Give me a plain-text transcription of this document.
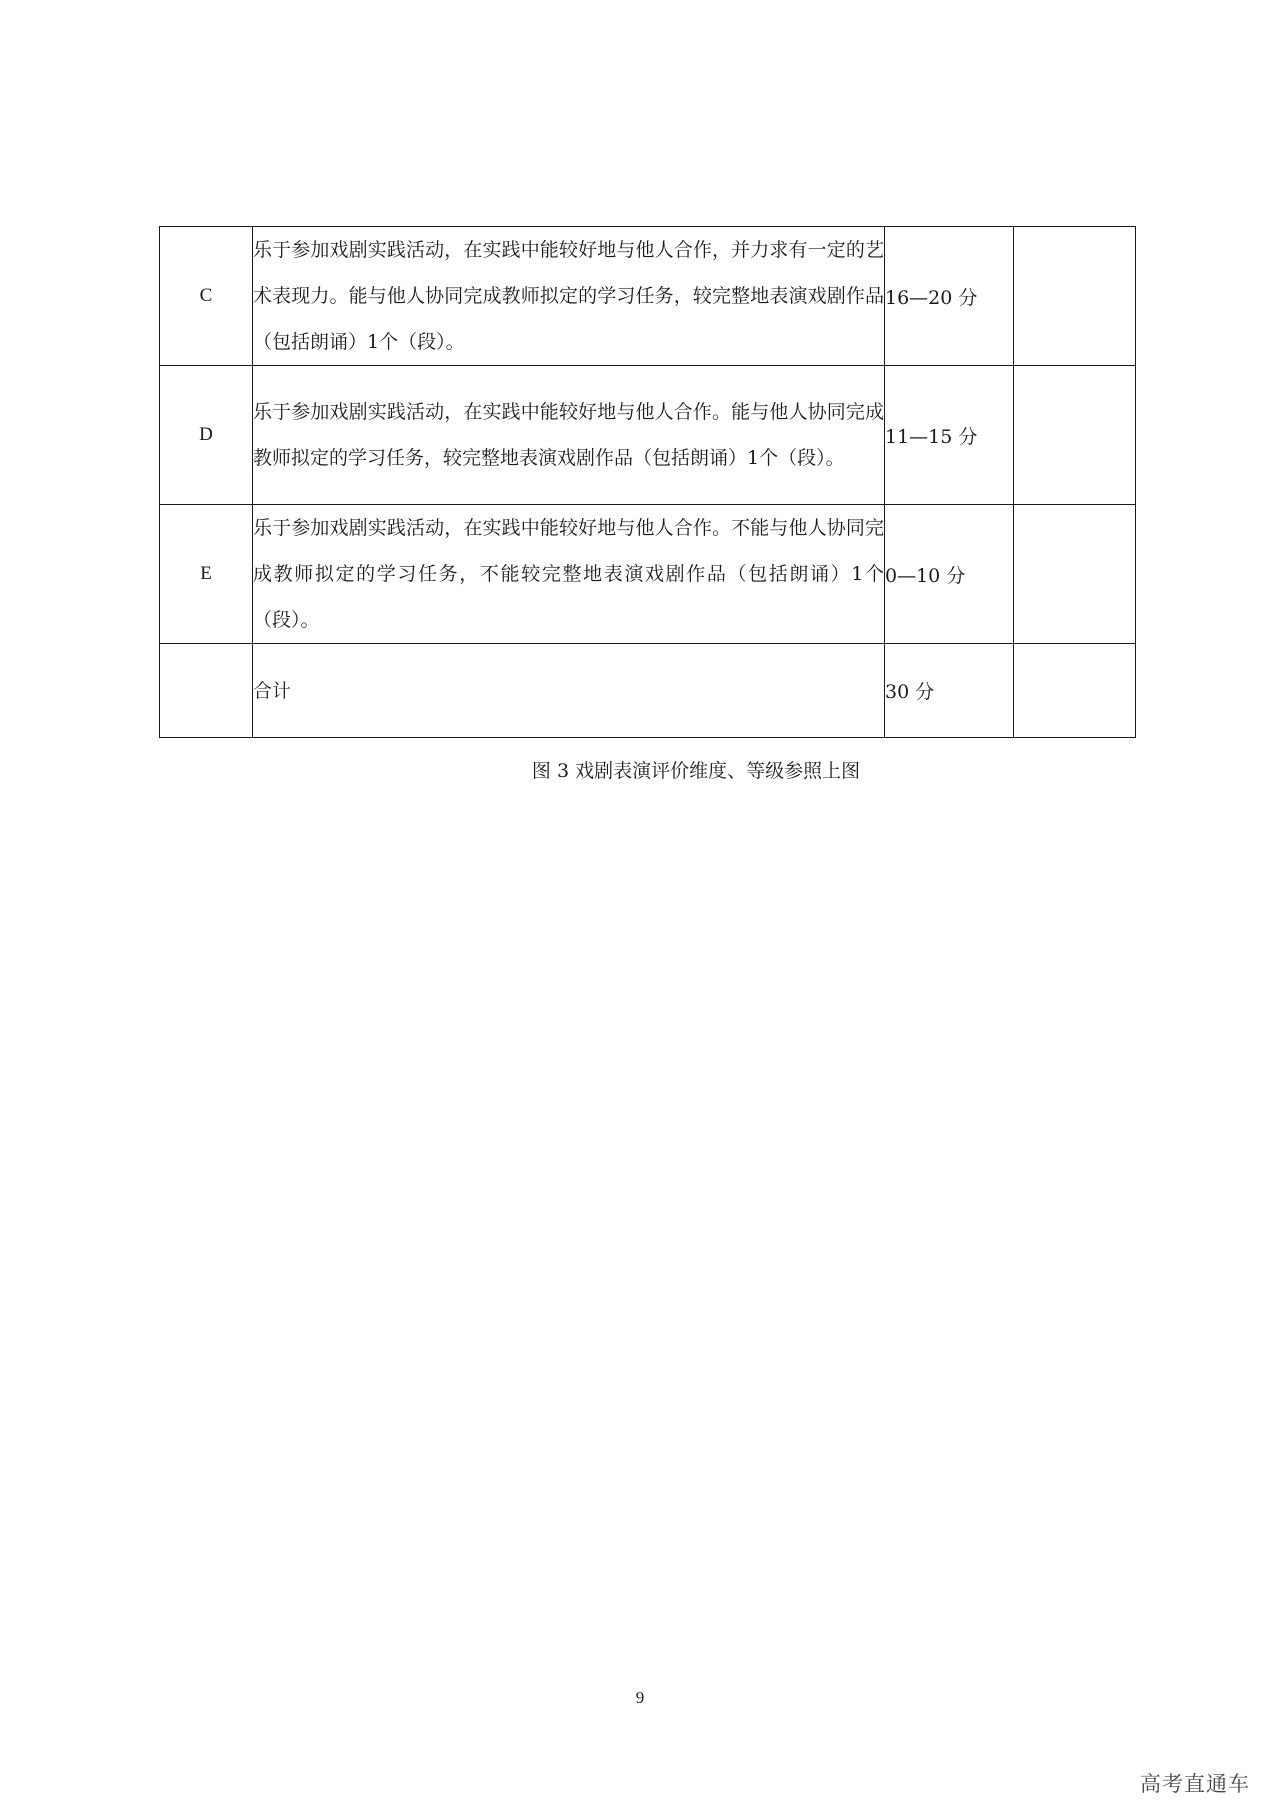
C	乐于参加戏剧实践活动，在实践中能较好地与他人合作，并力求有一定的艺术表现力。能与他人协同完成教师拟定的学习任务，较完整地表演戏剧作品（包括朗诵）1个（段）。	16—20 分	
D	乐于参加戏剧实践活动，在实践中能较好地与他人合作。能与他人协同完成教师拟定的学习任务，较完整地表演戏剧作品（包括朗诵）1个（段）。	11—15 分	
E	乐于参加戏剧实践活动，在实践中能较好地与他人合作。不能与他人协同完成教师拟定的学习任务，不能较完整地表演戏剧作品（包括朗诵）1个（段）。	0—10 分	
	合计	30 分	
图 3 戏剧表演评价维度、等级参照上图
9
高考直通车
